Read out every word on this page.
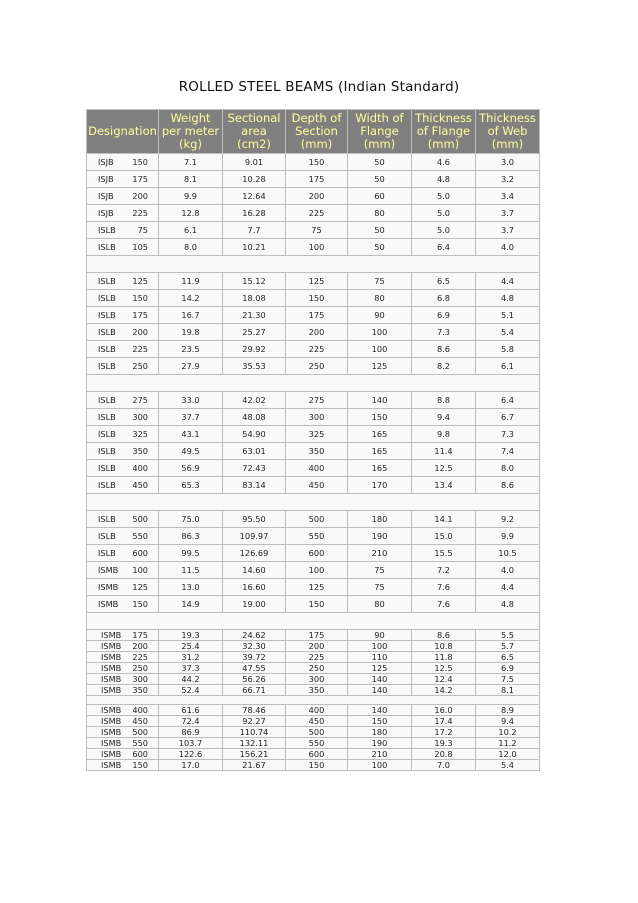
ROLLED STEEL BEAMS (Indian Standard)
Designation	Weight
per meter
(kg)	Sectional
area
(cm2)	Depth of
Section
(mm)	Width of
Flange
(mm)	Thickness
of Flange
(mm)	Thickness
of Web
(mm)

ISJB 150	7.1	9.01	150	50	4.6	3.0

ISJB 175	8.1	10.28	175	50	4.8	3.2

ISJB 200	9.9	12.64	200	60	5.0	3.4

ISJB 225	12.8	16.28	225	80	5.0	3.7

ISLB 75	6.1	7.7	75	50	5.0	3.7

ISLB 105	8.0	10.21	100	50	6.4	4.0

ISLB 125	11.9	15.12	125	75	6.5	4.4

ISLB 150	14.2	18.08	150	80	6.8	4.8

ISLB 175	16.7	21.30	175	90	6.9	5.1

ISLB 200	19.8	25.27	200	100	7.3	5.4

ISLB 225	23.5	29.92	225	100	8.6	5.8

ISLB 250	27.9	35.53	250	125	8.2	6.1

ISLB 275	33.0	42.02	275	140	8.8	6.4

ISLB 300	37.7	48.08	300	150	9.4	6.7

ISLB 325	43.1	54.90	325	165	9.8	7.3

ISLB 350	49.5	63.01	350	165	11.4	7.4

ISLB 400	56.9	72.43	400	165	12.5	8.0

ISLB 450	65.3	83.14	450	170	13.4	8.6

ISLB 500	75.0	95.50	500	180	14.1	9.2

ISLB 550	86.3	109.97	550	190	15.0	9.9

ISLB 600	99.5	126.69	600	210	15.5	10.5

ISMB 100	11.5	14.60	100	75	7.2	4.0

ISMB 125	13.0	16.60	125	75	7.6	4.4

ISMB 150	14.9	19.00	150	80	7.6	4.8

ISMB 175	19.3	24.62	175	90	8.6	5.5

ISMB 200	25.4	32.30	200	100	10.8	5.7

ISMB 225	31.2	39.72	225	110	11.8	6.5

ISMB 250	37.3	47.55	250	125	12.5	6.9

ISMB 300	44.2	56.26	300	140	12.4	7.5

ISMB 350	52.4	66.71	350	140	14.2	8.1

ISMB 400	61.6	78.46	400	140	16.0	8.9

ISMB 450	72.4	92.27	450	150	17.4	9.4

ISMB 500	86.9	110.74	500	180	17.2	10.2

ISMB 550	103.7	132.11	550	190	19.3	11.2

ISMB 600	122.6	156.21	600	210	20.8	12.0

ISMB 150	17.0	21.67	150	100	7.0	5.4
